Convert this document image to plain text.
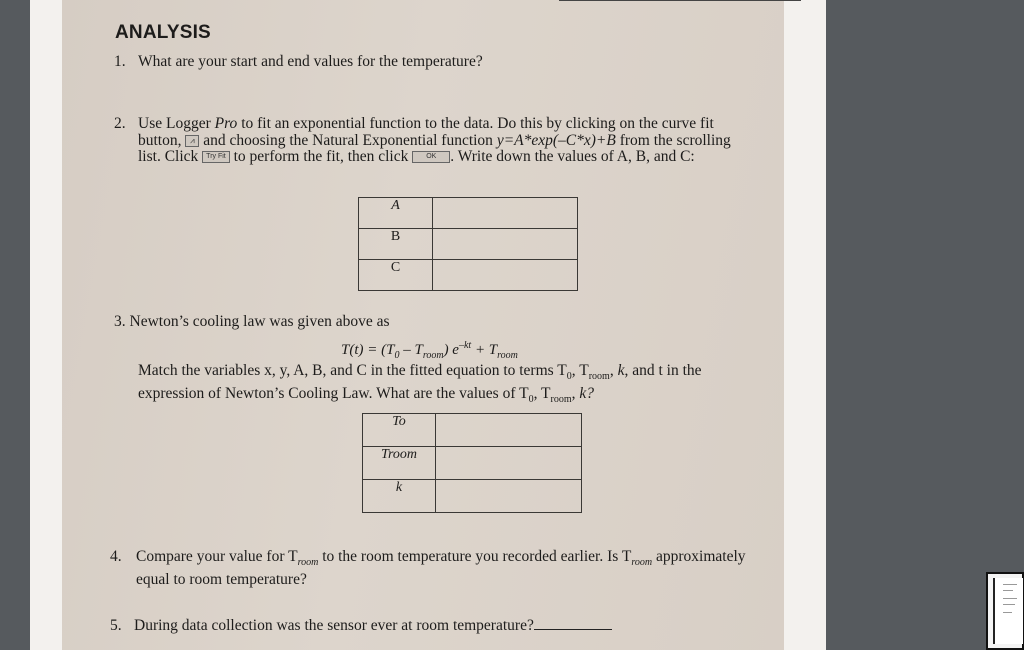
ANALYSIS
1. What are your start and end values for the temperature?
2. Use Logger Pro to fit an exponential function to the data. Do this by clicking on the curve fit button, ⩘ and choosing the Natural Exponential function y=A*exp(–C*x)+B from the scrolling list. Click Try Fit to perform the fit, then click	OK . Write down the values of A, B, and C:
A	
B	
C	
3. Newton’s cooling law was given above as
$T(t) = (T_0 - T_{room}) e^{-kt} + T_{room}$
Match the variables x, y, A, B, and C in the fitted equation to terms $T_0$, $T_{room}$, k, and t in the expression of Newton’s Cooling Law. What are the values of $T_0$, $T_{room}$, k?
To	
Troom	
k	
4. Compare your value for $T_{room}$ to the room temperature you recorded earlier. Is $T_{room}$ approximately equal to room temperature?
5. During data collection was the sensor ever at room temperature?
